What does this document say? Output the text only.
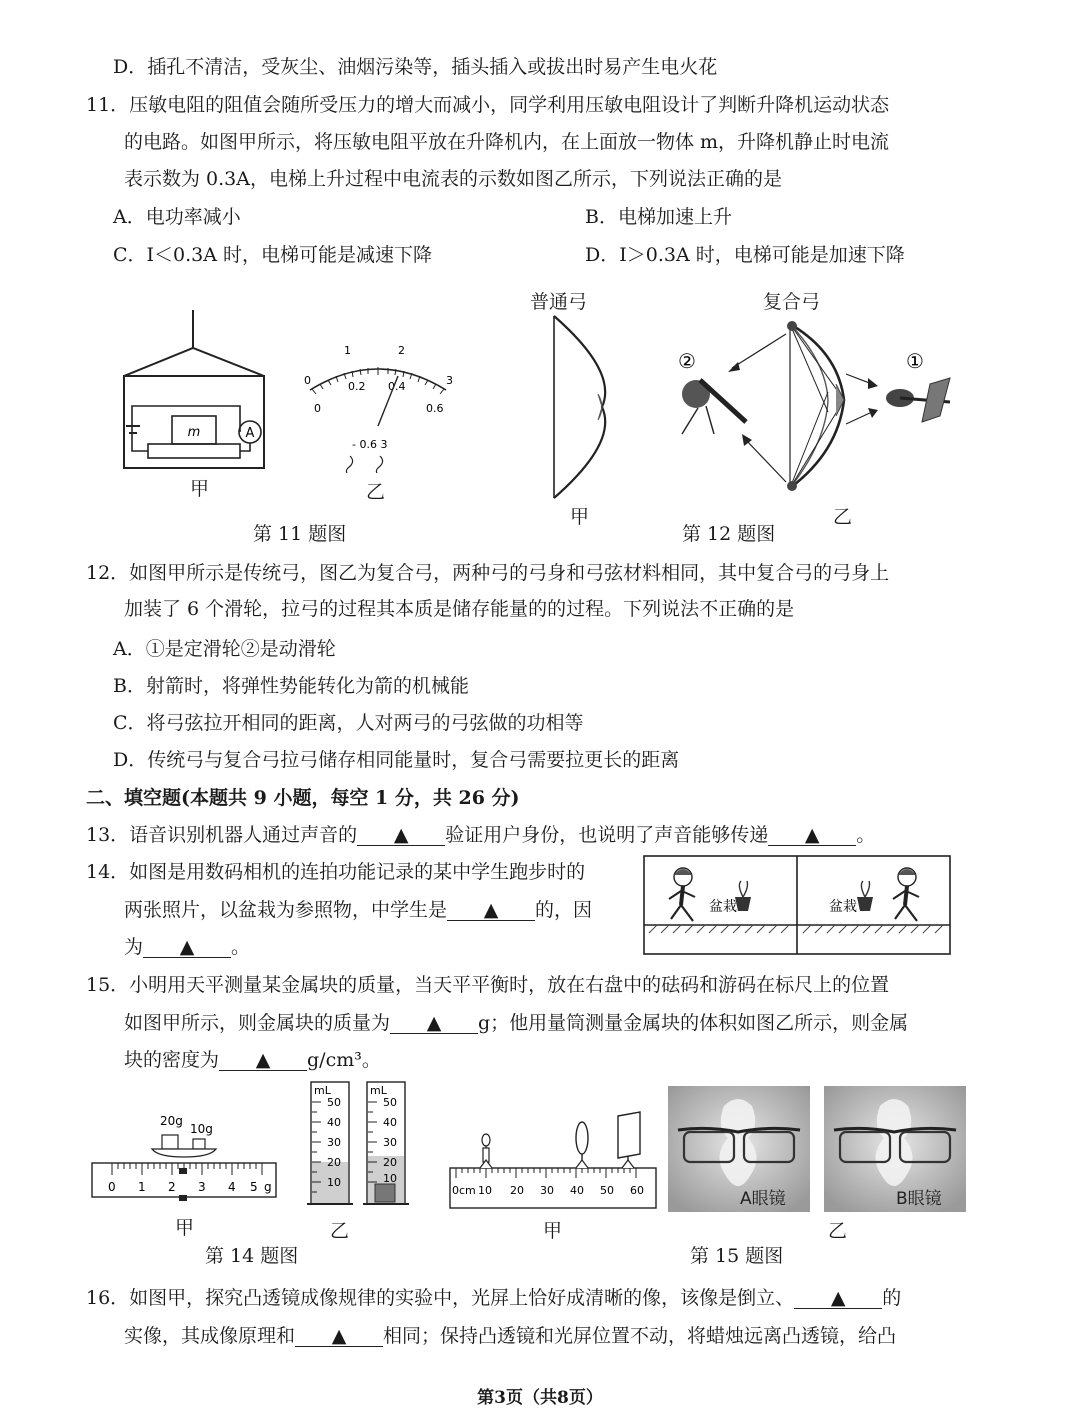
D．插孔不清洁，受灰尘、油烟污染等，插头插入或拔出时易产生电火花
11．压敏电阻的阻值会随所受压力的增大而减小，同学利用压敏电阻设计了判断升降机运动状态
的电路。如图甲所示，将压敏电阻平放在升降机内，在上面放一物体 m，升降机静止时电流
表示数为 0.3A，电梯上升过程中电流表的示数如图乙所示，下列说法正确的是
A．电功率减小	B．电梯加速上升
C．I＜0.3A 时，电梯可能是减速下降	D．I＞0.3A 时，电梯可能是加速下降
m	A
甲
0
1	2
3
0
0.2 0.4
0.6
- 0.6 3
乙
第 11 题图
普通弓
甲
复合弓
②	①
乙
第 12 题图
12．如图甲所示是传统弓，图乙为复合弓，两种弓的弓身和弓弦材料相同，其中复合弓的弓身上
加装了 6 个滑轮，拉弓的过程其本质是储存能量的的过程。下列说法不正确的是
A．①是定滑轮②是动滑轮
B．射箭时，将弹性势能转化为箭的机械能
C．将弓弦拉开相同的距离，人对两弓的弓弦做的功相等
D．传统弓与复合弓拉弓储存相同能量时，复合弓需要拉更长的距离
二、填空题(本题共 9 小题，每空 1 分，共 26 分)
13．语音识别机器人通过声音的 ▲ 验证用户身份，也说明了声音能够传递 ▲ 。
14．如图是用数码相机的连拍功能记录的某中学生跑步时的
两张照片，以盆栽为参照物，中学生是 ▲ 的，因
为 ▲ 。
盆栽	盆栽
15．小明用天平测量某金属块的质量，当天平平衡时，放在右盘中的砝码和游码在标尺上的位置
如图甲所示，则金属块的质量为 ▲ g；他用量筒测量金属块的体积如图乙所示，则金属
块的密度为 ▲ g/cm³。
20g
10g
0 1 2 3 4 5 g
甲
mL
50
40
30
20
10
mL
50
40
30
20
10
乙
第 14 题图
0cm 10 20 30 40 50 60
甲
A眼镜	B眼镜
乙
第 15 题图
16．如图甲，探究凸透镜成像规律的实验中，光屏上恰好成清晰的像，该像是倒立、 ▲ 的
实像，其成像原理和 ▲ 相同；保持凸透镜和光屏位置不动，将蜡烛远离凸透镜，给凸
第3页（共8页）
